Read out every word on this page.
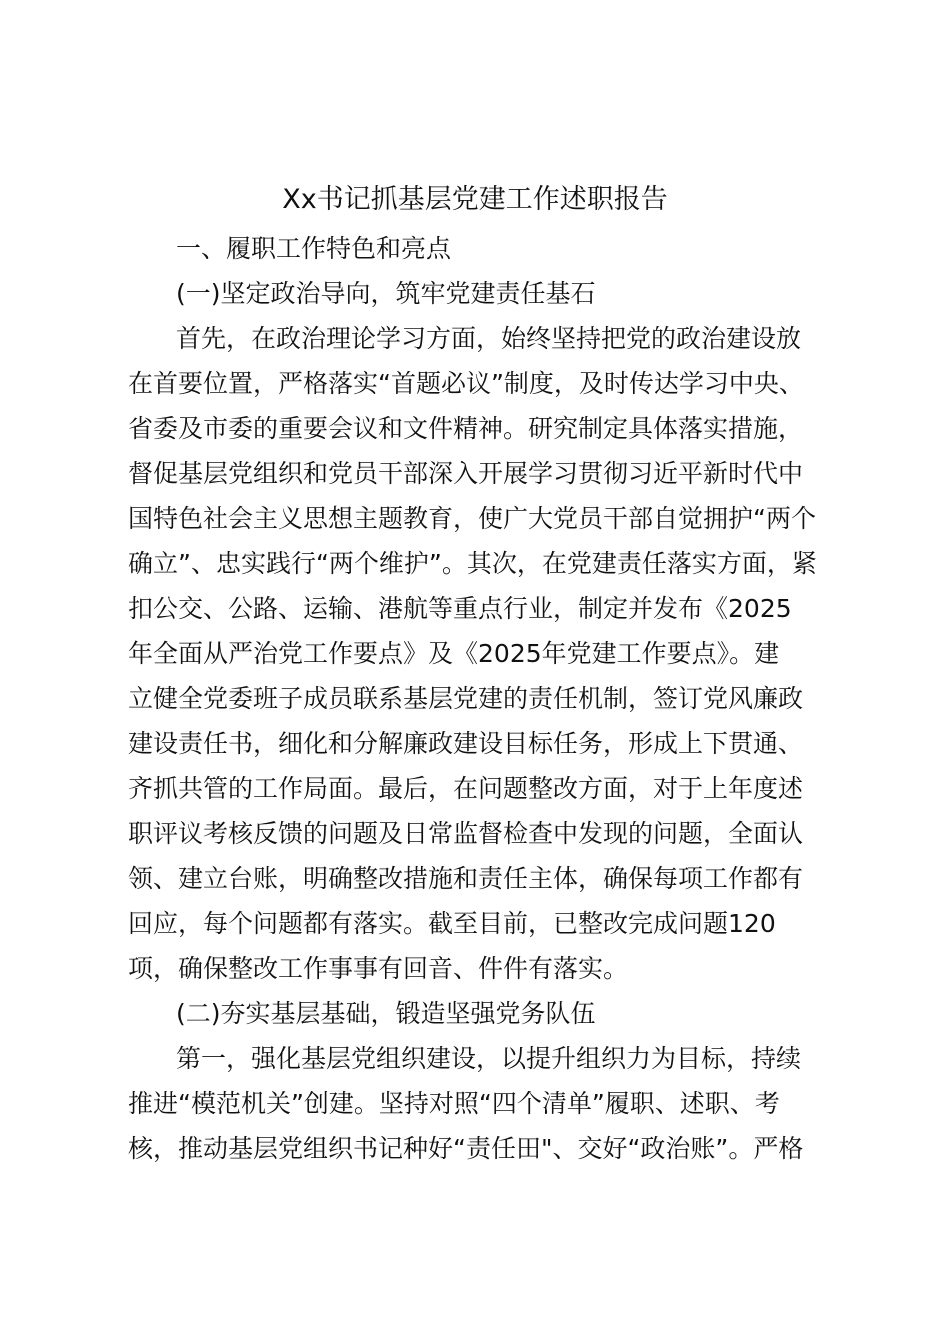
Xx书记抓基层党建工作述职报告
一、履职工作特色和亮点
(一)坚定政治导向，筑牢党建责任基石
首先，在政治理论学习方面，始终坚持把党的政治建设放
在首要位置，严格落实“首题必议”制度，及时传达学习中央、
省委及市委的重要会议和文件精神。研究制定具体落实措施，
督促基层党组织和党员干部深入开展学习贯彻习近平新时代中
国特色社会主义思想主题教育，使广大党员干部自觉拥护“两个
确立”、忠实践行“两个维护”。其次，在党建责任落实方面，紧
扣公交、公路、运输、港航等重点行业，制定并发布《2025
年全面从严治党工作要点》及《2025年党建工作要点》。建
立健全党委班子成员联系基层党建的责任机制，签订党风廉政
建设责任书，细化和分解廉政建设目标任务，形成上下贯通、
齐抓共管的工作局面。最后，在问题整改方面，对于上年度述
职评议考核反馈的问题及日常监督检查中发现的问题，全面认
领、建立台账，明确整改措施和责任主体，确保每项工作都有
回应，每个问题都有落实。截至目前，已整改完成问题120
项，确保整改工作事事有回音、件件有落实。
(二)夯实基层基础，锻造坚强党务队伍
第一，强化基层党组织建设，以提升组织力为目标，持续
推进“模范机关”创建。坚持对照“四个清单”履职、述职、考
核，推动基层党组织书记种好“责任田"、交好“政治账”。严格
